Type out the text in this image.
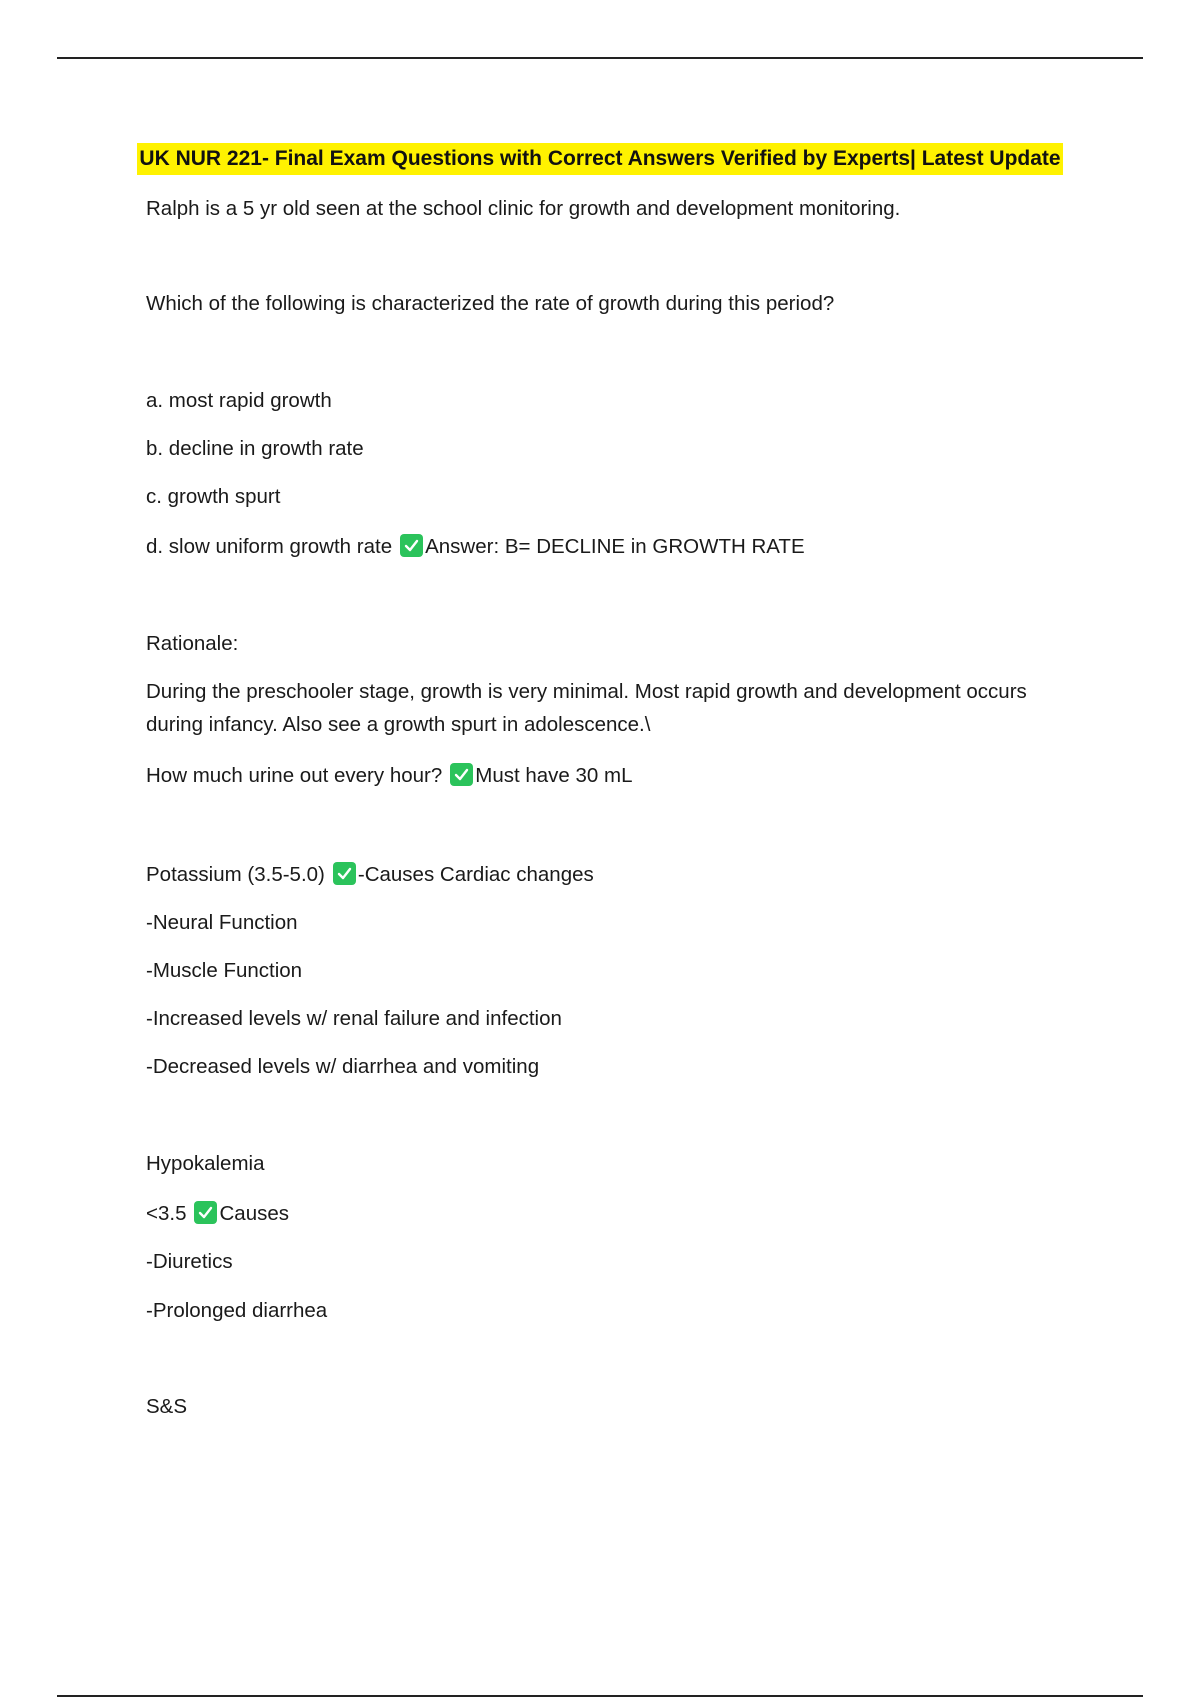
UK NUR 221- Final Exam Questions with Correct Answers Verified by Experts| Latest Update
Ralph is a 5 yr old seen at the school clinic for growth and development monitoring.
Which of the following is characterized the rate of growth during this period?
a. most rapid growth
b. decline in growth rate
c. growth spurt
d. slow uniform growth rate Answer: B= DECLINE in GROWTH RATE
Rationale:
During the preschooler stage, growth is very minimal. Most rapid growth and development occurs during infancy. Also see a growth spurt in adolescence.\
How much urine out every hour? Must have 30 mL
Potassium (3.5-5.0) -Causes Cardiac changes
-Neural Function
-Muscle Function
-Increased levels w/ renal failure and infection
-Decreased levels w/ diarrhea and vomiting
Hypokalemia
<3.5 Causes
-Diuretics
-Prolonged diarrhea
S&S
